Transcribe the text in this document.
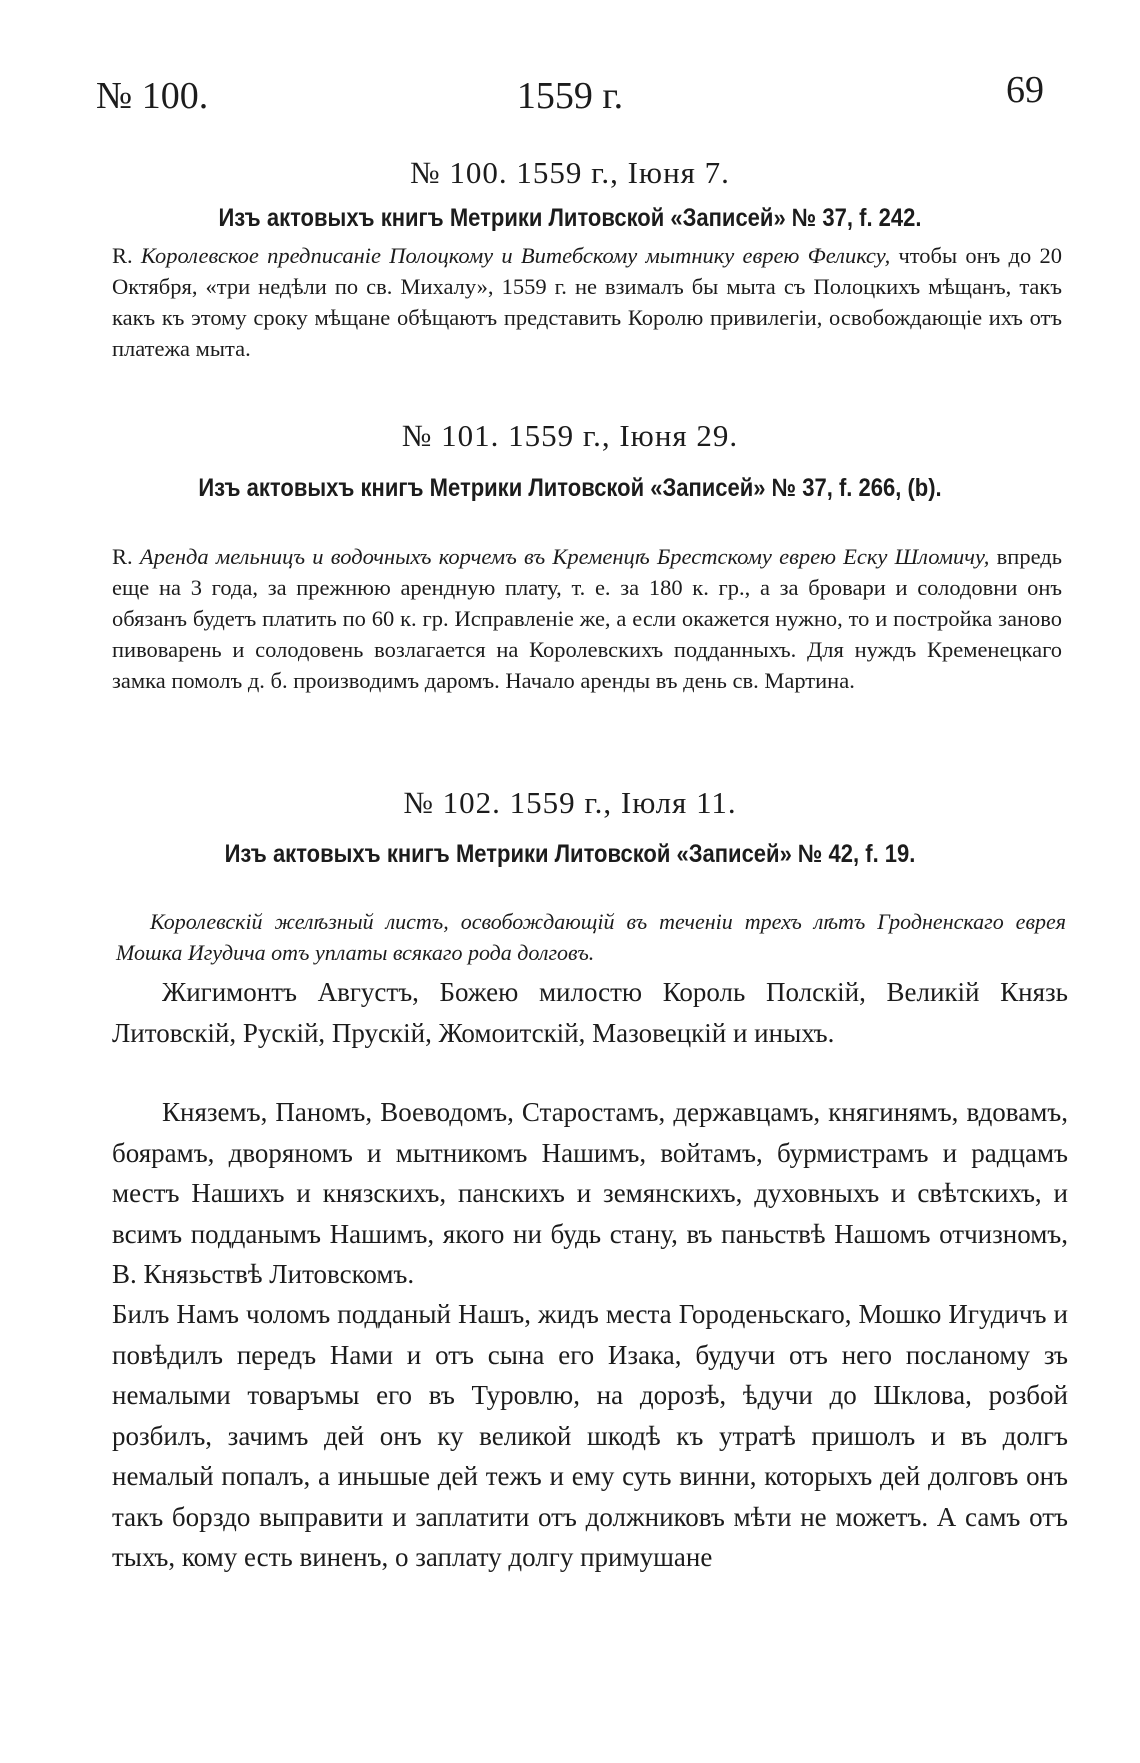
№ 100.	1559 г.	69
№ 100. 1559 г., Іюня 7.
Изъ актовыхъ книгъ Метрики Литовской «Записей» № 37, f. 242.

R. Королевское предписаніе Полоцкому и Витебскому мытнику еврею Феликсу, чтобы онъ до 20 Октября, «три недѣли по св. Михалу», 1559 г. не взималъ бы мыта съ Полоцкихъ мѣщанъ, такъ какъ къ этому сроку мѣщане обѣщаютъ представить Королю привилегіи, освобождающіе ихъ отъ платежа мыта.

№ 101. 1559 г., Іюня 29.
Изъ актовыхъ книгъ Метрики Литовской «Записей» № 37, f. 266, (b).

R. Аренда мельницъ и водочныхъ корчемъ въ Кременцѣ Брестскому еврею Еску Шломичу, впредь еще на 3 года, за прежнюю арендную плату, т. е. за 180 к. гр., а за бровари и солодовни онъ обязанъ будетъ платить по 60 к. гр. Исправленіе же, а если окажется нужно, то и постройка заново пивоварень и солодовень возлагается на Королевскихъ подданныхъ. Для нуждъ Кременецкаго замка помолъ д. б. производимъ даромъ. Начало аренды въ день св. Мартина.

№ 102. 1559 г., Іюля 11.
Изъ актовыхъ книгъ Метрики Литовской «Записей» № 42, f. 19.

Королевскій желѣзный листъ, освобождающій въ теченіи трехъ лѣтъ Гродненскаго еврея Мошка Игудича отъ уплаты всякаго рода долговъ.

Жигимонтъ Августъ, Божею милостю Король Полскій, Великій Князь Литовскій, Рускій, Прускій, Жомоитскій, Мазовецкій и иныхъ.

Княземъ, Паномъ, Воеводомъ, Старостамъ, державцамъ, княгинямъ, вдовамъ, боярамъ, дворяномъ и мытникомъ Нашимъ, войтамъ, бурмистрамъ и радцамъ местъ Нашихъ и князскихъ, панскихъ и земянскихъ, духовныхъ и свѣтскихъ, и всимъ подданымъ Нашимъ, якого ни будь стану, въ паньствѣ Нашомъ отчизномъ, В. Князьствѣ Литовскомъ.

Билъ Намъ чоломъ подданый Нашъ, жидъ места Городеньскаго, Мошко Игудичъ и повѣдилъ передъ Нами и отъ сына его Изака, будучи отъ него посланому зъ немалыми товаръмы его въ Туровлю, на дорозѣ, ѣдучи до Шклова, розбой розбилъ, зачимъ дей онъ ку великой шкодѣ къ утратѣ пришолъ и въ долгъ немалый попалъ, а иньшые дей тежъ и ему суть винни, которыхъ дей долговъ онъ такъ борздо выправити и заплатити отъ должниковъ мѣти не можетъ. А самъ отъ тыхъ, кому есть виненъ, о заплату долгу примушане
